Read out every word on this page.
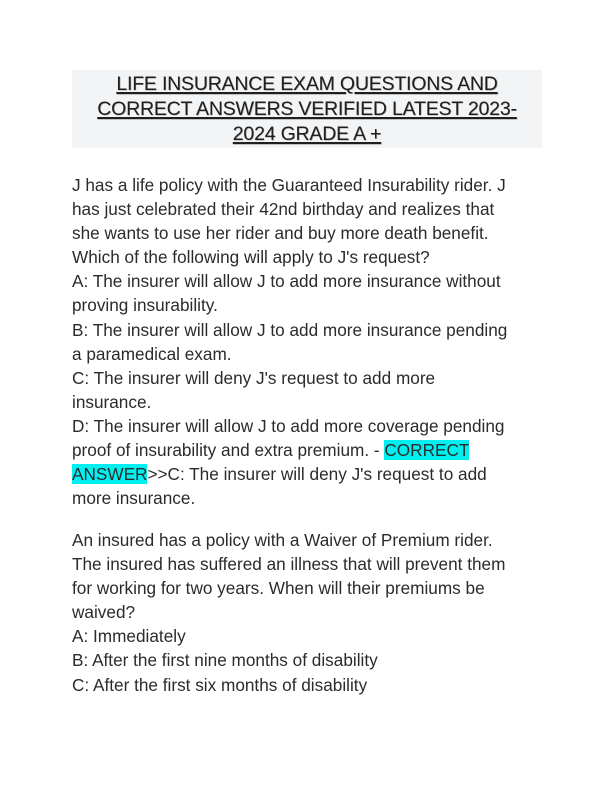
LIFE INSURANCE EXAM QUESTIONS AND
CORRECT ANSWERS VERIFIED LATEST 2023-
2024 GRADE A +
J has a life policy with the Guaranteed Insurability rider. J
has just celebrated their 42nd birthday and realizes that
she wants to use her rider and buy more death benefit.
Which of the following will apply to J's request?
A: The insurer will allow J to add more insurance without
proving insurability.
B: The insurer will allow J to add more insurance pending
a paramedical exam.
C: The insurer will deny J's request to add more
insurance.
D: The insurer will allow J to add more coverage pending
proof of insurability and extra premium. - CORRECT
ANSWER>>C: The insurer will deny J's request to add
more insurance.
An insured has a policy with a Waiver of Premium rider.
The insured has suffered an illness that will prevent them
for working for two years. When will their premiums be
waived?
A: Immediately
B: After the first nine months of disability
C: After the first six months of disability
